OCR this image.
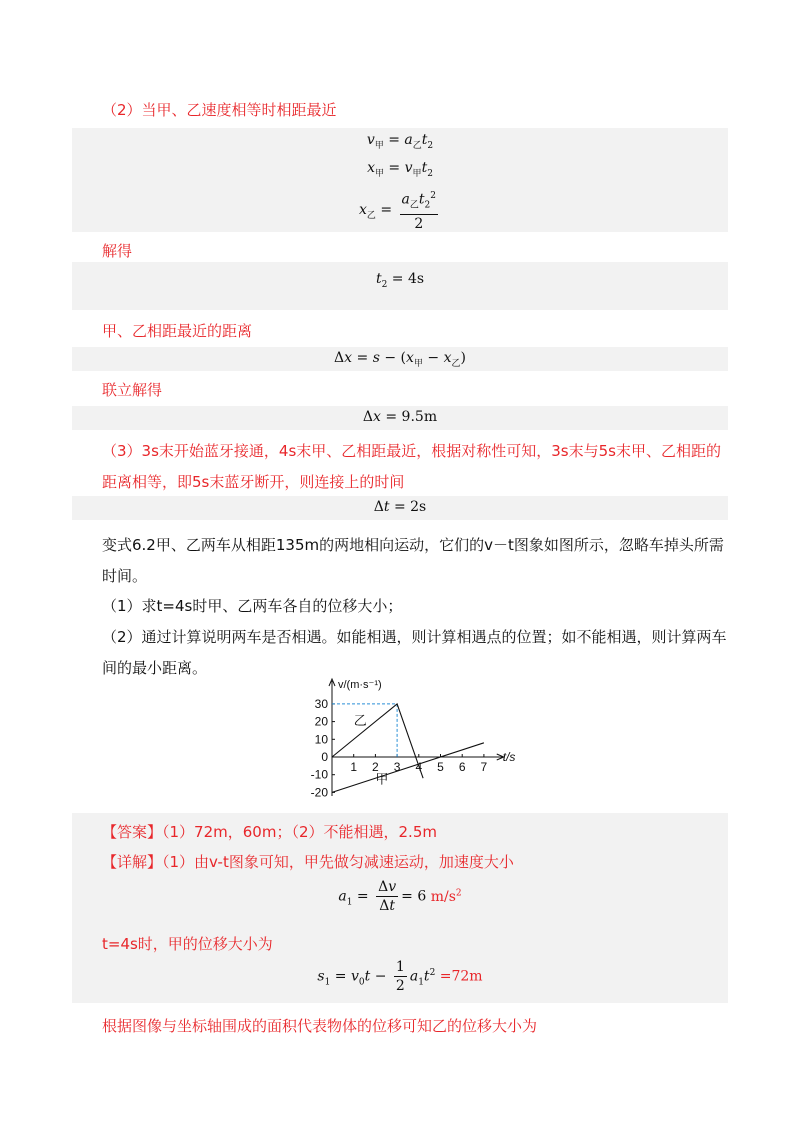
（2）当甲、乙速度相等时相距最近
$v_甲 = a_乙t_2$
$x_甲 = v_甲t_2$
$x_乙 = \frac{a_乙t_2^2}{2}$
解得
$t_2 = 4s$
甲、乙相距最近的距离
$\Delta x = s - (x_甲 - x_乙)$
联立解得
Δx = 9.5m
（3）3s末开始蓝牙接通，4s末甲、乙相距最近，根据对称性可知，3s末与5s末甲、乙相距的距离相等，即5s末蓝牙断开，则连接上的时间
Δt = 2s
变式6.2甲、乙两车从相距135m的两地相向运动，它们的v－t图象如图所示，忽略车掉头所需时间。
（1）求t=4s时甲、乙两车各自的位移大小；
（2）通过计算说明两车是否相遇。如能相遇，则计算相遇点的位置；如不能相遇，则计算两车间的最小距离。
v/(m·s⁻¹)
t/s
1 2 3 4 5 6 7
30
20
10
0
-10
-20
乙
甲
【答案】（1）72m，60m；（2）不能相遇，2.5m
【详解】（1）由v-t图象可知，甲先做匀减速运动，加速度大小
$a_1 = \frac{\Delta v}{\Delta t} = 6$ $m/s^2$
t=4s时，甲的位移大小为
$s_1 = v_0t - \frac{1}{2} a_1t^2 =72m$
根据图像与坐标轴围成的面积代表物体的位移可知乙的位移大小为
